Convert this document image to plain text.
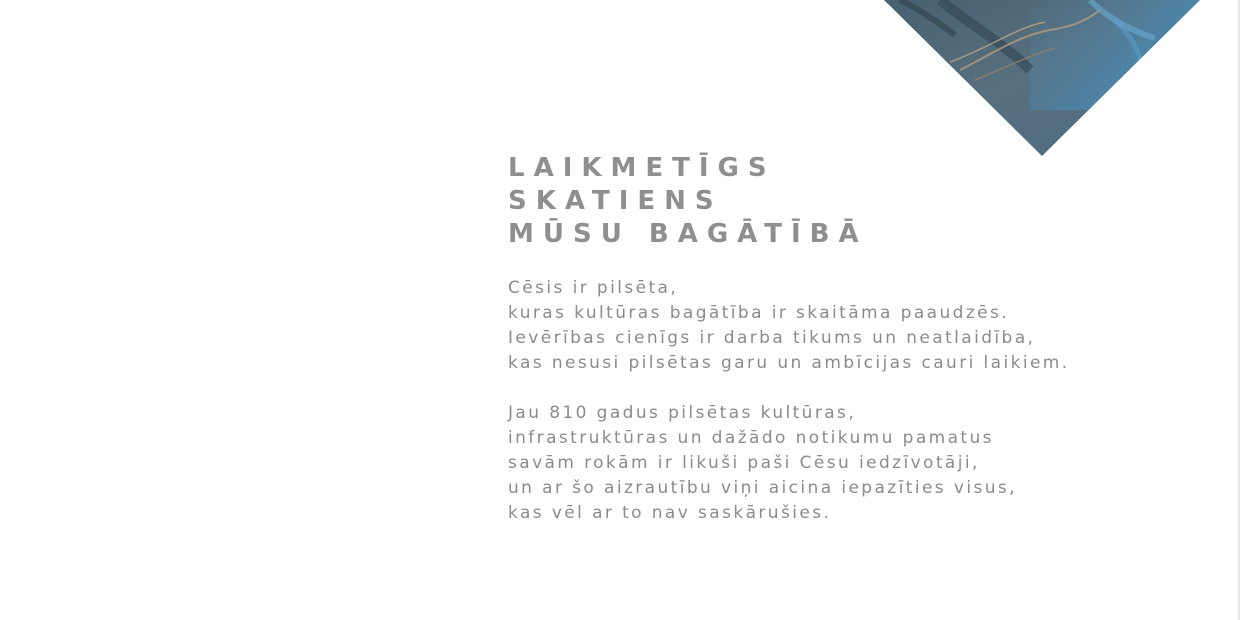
LAIKMETĪGS
SKATIENS
MŪSU BAGĀTĪBĀ

Cēsis ir pilsēta,
kuras kultūras bagātība ir skaitāma paaudzēs.
Ievērības cienīgs ir darba tikums un neatlaidība,
kas nesusi pilsētas garu un ambīcijas cauri laikiem.

Jau 810 gadus pilsētas kultūras,
infrastruktūras un dažādo notikumu pamatus
savām rokām ir likuši paši Cēsu iedzīvotāji,
un ar šo aizrautību viņi aicina iepazīties visus,
kas vēl ar to nav saskārušies.
